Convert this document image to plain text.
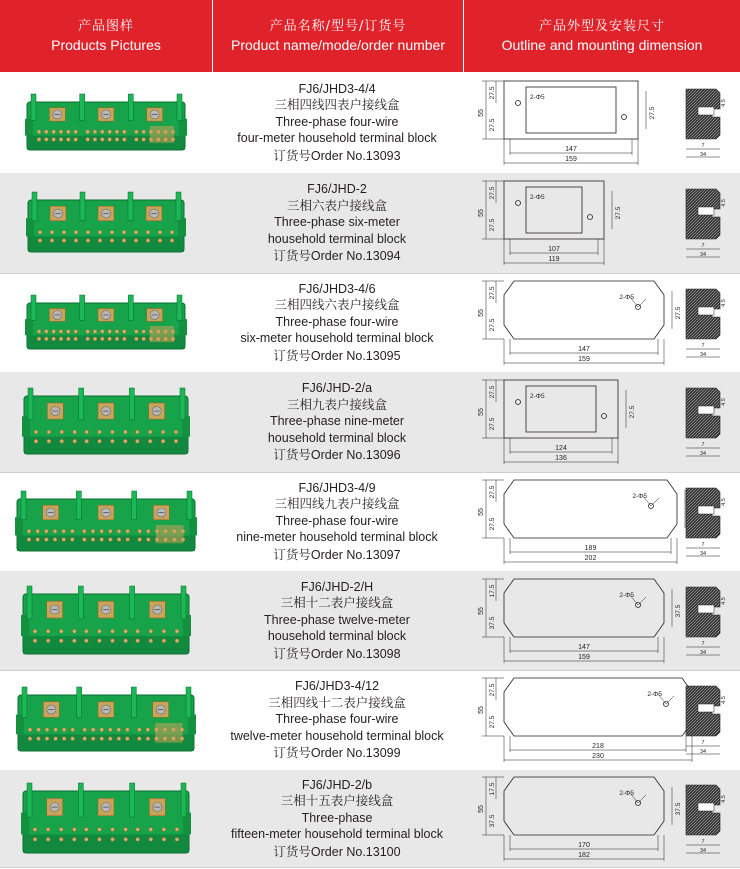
产品图样
Products Pictures
产品名称/型号/订货号
Product name/mode/order number
产品外型及安装尺寸
Outline and mounting dimension
FJ6/JHD3-4/4
三相四线四表户接线盒
Three-phase four-wire
four-meter household terminal block
订货号Order No.13093
55
27.5
27.5
27.5
2-Φ5
147
159
4.5
7
34
FJ6/JHD-2
三相六表户接线盒
Three-phase six-meter
household terminal block
订货号Order No.13094
55
27.5
27.5
27.5
2-Φ5
107
119
4.5
7
34
FJ6/JHD3-4/6
三相四线六表户接线盒
Three-phase four-wire
six-meter household terminal block
订货号Order No.13095
55
27.5
27.5
27.5
2-Φ5
147
159
4.5
7
34
FJ6/JHD-2/a
三相九表户接线盒
Three-phase nine-meter
household terminal block
订货号Order No.13096
55
27.5
27.5
27.5
2-Φ5
124
136
4.5
7
34
FJ6/JHD3-4/9
三相四线九表户接线盒
Three-phase four-wire
nine-meter household terminal block
订货号Order No.13097
55
27.5
27.5
2-Φ5
189
202
4.5
7
34
FJ6/JHD-2/H
三相十二表户接线盒
Three-phase twelve-meter
household terminal block
订货号Order No.13098
55
17.5
37.5
37.5
2-Φ5
147
159
4.5
7
34
FJ6/JHD3-4/12
三相四线十二表户接线盒
Three-phase four-wire
twelve-meter household terminal block
订货号Order No.13099
55
27.5
27.5
2-Φ5
218
230
4.5
7
34
FJ6/JHD-2/b
三相十五表户接线盒
Three-phase
fifteen-meter household terminal block
订货号Order No.13100
55
17.5
37.5
37.5
2-Φ5
170
182
4.5
7
34
